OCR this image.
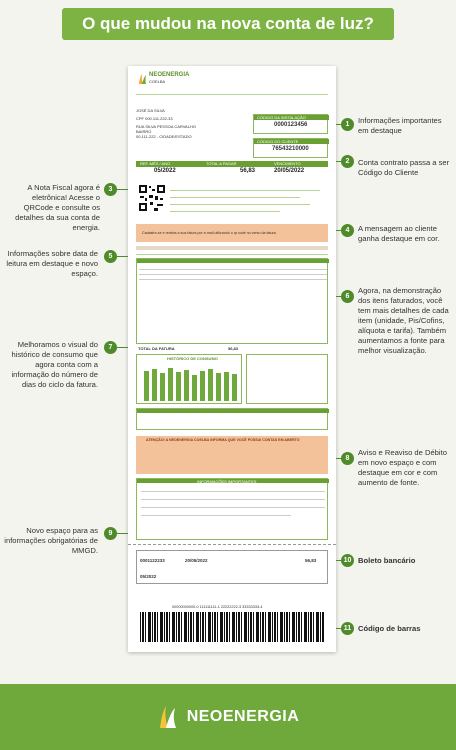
O que mudou na nova conta de luz?
NEOENERGIA
COELBA
JOSÉ DA SILVA
CPF 000.111.222-33
RUA SILVA PESSOA CARVALHO
BAIRRO
00.111-222 - CIDADE/ESTADO
CÓDIGO DA INSTALAÇÃO
0000123456
CÓDIGO DO CLIENTE
76543210000
REF.:MÊS / ANO	TOTAL A PAGAR	VENCIMENTO
05/2022	56,83	20/05/2022
Cadastre-se e receba a sua fatura por e-mail utilizando o qr code no verso da fatura.
TOTAL DA FATURA	56,83
HISTÓRICO DE CONSUMO
ATENÇÃO! A NEOENERGIA COELBA INFORMA QUE VOCÊ POSSUI CONTAS EM ABERTO
INFORMAÇÕES IMPORTANTES
0001122233	20/05/2022	56,83
05/2022
00000000000-0 111111111-1 22222222-3 33333333-4
1	Informações importantes em destaque
2	Conta contrato passa a ser Código do Cliente
A Nota Fiscal agora é eletrônica! Acesse o QRCode e consulte os detalhes da sua conta de energia.
3
4	A mensagem ao cliente ganha destaque em cor.
Informações sobre data de leitura em destaque e novo espaço.
5
6
Agora, na demonstração dos itens faturados, você tem mais detalhes de cada item (unidade, Pis/Cofins, alíquota e tarifa). Também aumentamos a fonte para melhor visualização.
Melhoramos o visual do histórico de consumo que agora conta com a informação do número de dias do ciclo da fatura.
7
8
Aviso e Reaviso de Débito em novo espaço e com destaque em cor e com aumento de fonte.
Novo espaço para as informações obrigatórias de MMGD.
9
10 Boleto bancário
11 Código de barras
NEOENERGIA
